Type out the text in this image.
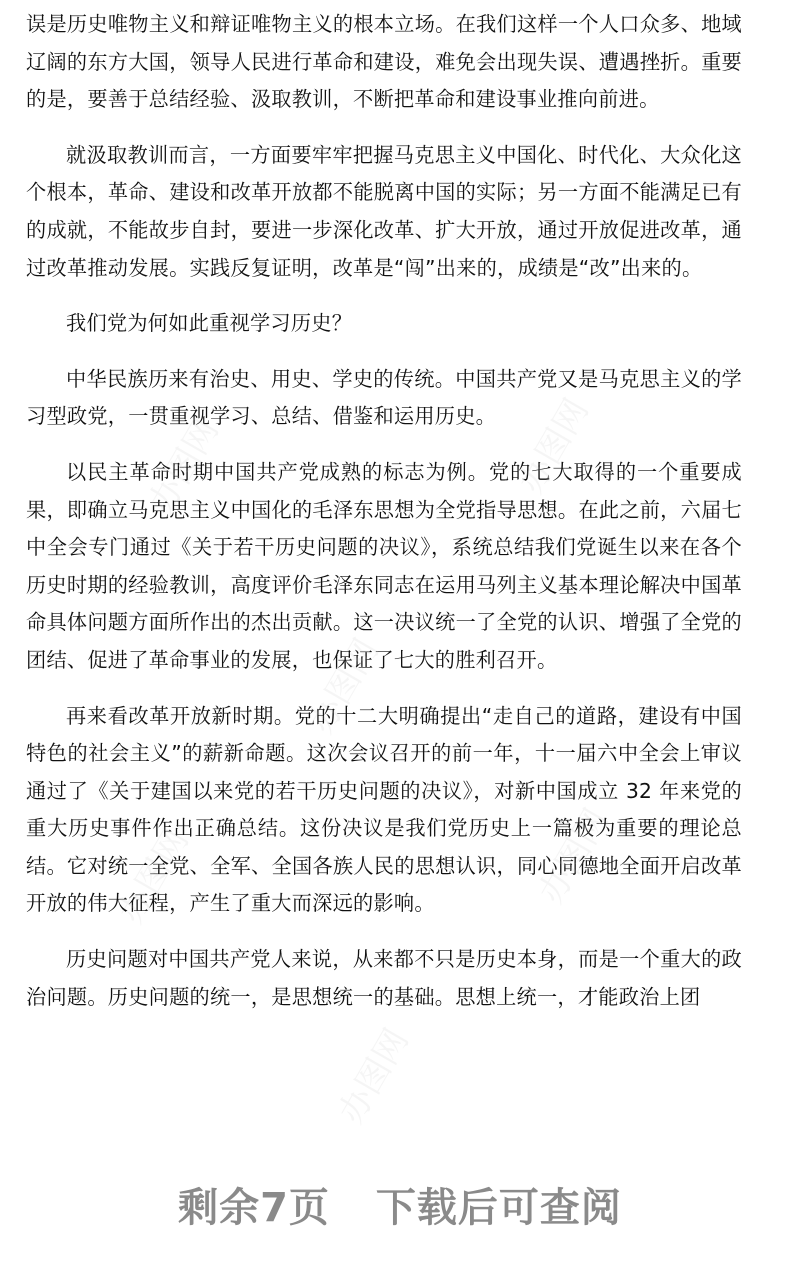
误是历史唯物主义和辩证唯物主义的根本立场。在我们这样一个人口众多、地域辽阔的东方大国，领导人民进行革命和建设，难免会出现失误、遭遇挫折。重要的是，要善于总结经验、汲取教训，不断把革命和建设事业推向前进。

就汲取教训而言，一方面要牢牢把握马克思主义中国化、时代化、大众化这个根本，革命、建设和改革开放都不能脱离中国的实际；另一方面不能满足已有的成就，不能故步自封，要进一步深化改革、扩大开放，通过开放促进改革，通过改革推动发展。实践反复证明，改革是“闯”出来的，成绩是“改”出来的。

我们党为何如此重视学习历史？

中华民族历来有治史、用史、学史的传统。中国共产党又是马克思主义的学习型政党，一贯重视学习、总结、借鉴和运用历史。

以民主革命时期中国共产党成熟的标志为例。党的七大取得的一个重要成果，即确立马克思主义中国化的毛泽东思想为全党指导思想。在此之前，六届七中全会专门通过《关于若干历史问题的决议》，系统总结我们党诞生以来在各个历史时期的经验教训，高度评价毛泽东同志在运用马列主义基本理论解决中国革命具体问题方面所作出的杰出贡献。这一决议统一了全党的认识、增强了全党的团结、促进了革命事业的发展，也保证了七大的胜利召开。

再来看改革开放新时期。党的十二大明确提出“走自己的道路，建设有中国特色的社会主义”的薪新命题。这次会议召开的前一年，十一届六中全会上审议通过了《关于建国以来党的若干历史问题的决议》，对新中国成立 32 年来党的重大历史事件作出正确总结。这份决议是我们党历史上一篇极为重要的理论总结。它对统一全党、全军、全国各族人民的思想认识，同心同德地全面开启改革开放的伟大征程，产生了重大而深远的影响。

历史问题对中国共产党人来说，从来都不只是历史本身，而是一个重大的政治问题。历史问题的统一，是思想统一的基础。思想上统一，才能政治上团

办图网	办图网
办图网
办图网	办图网
办图网
剩余7页 下载后可查阅
